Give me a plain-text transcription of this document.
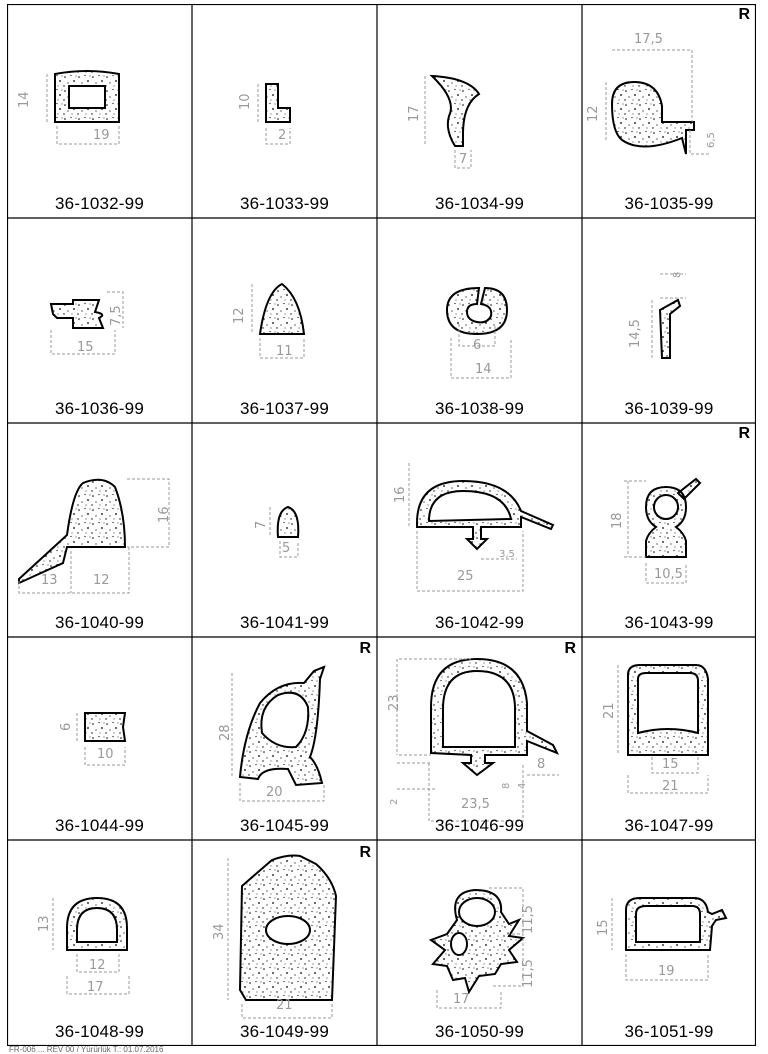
14
19
36-1032-99
10
2
36-1033-99
17
7
36-1034-99
17,5
12
6,5
R
36-1035-99
7,5
15
36-1036-99
12
11
36-1037-99
6
14
36-1038-99
8
14,5
36-1039-99
16
13	12
36-1040-99
7
5
36-1041-99
16
3,5
25
36-1042-99
18
10,5
R
36-1043-99
6
10
36-1044-99
28
20
R
36-1045-99
23
2
8
8 4
23,5
R
36-1046-99
21
15
21
36-1047-99
13
12
17
36-1048-99
34
21
R
36-1049-99
11,5
11,5
17
36-1050-99
15
19
36-1051-99
FR-006 ... REV 00 / Yürürlük T.: 01.07.2016
